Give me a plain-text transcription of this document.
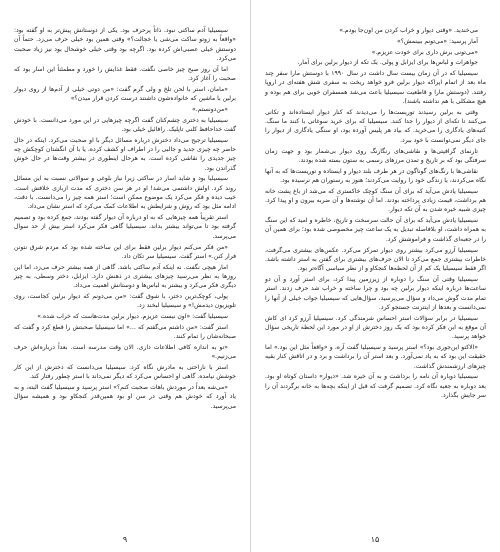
می‌خندید. «وقتی دیوار و خراب کردن من اون‌جا بودم.»

آمار پرسید: «می‌تونم ببینمش؟»

«می‌تونی برش داری برای خودت عزیزم.»

جواهرات و لباس‌ها برای ایزابل و پولی. یک تکه از دیوار برلین برای آمار.

سیسیلیا که در آن زمان بیست سال داشت در سال ۱۹۹۰ با دوستش مارا سفر چند ماه بعد از اتمام اپراکه دیوار برلین فرو خواهد ریخت به سفری شش هفته‌ای در اروپا رفتند. (دوستش مارا و قاطعیت سیسیلیا باعث می‌شد همسفران خوبی برای هم بوده و هیچ مشکلی با هم نداشته باشند).

وقتی به برلین رسیدند توریست‌ها را می‌دیدند که کنار دیوار ایستاده‌اند و تکانی می‌کنند تا تکه‌ای از دیوار را جدا کنند. سیسیلیا که برای خرید سوغاتی با کنند ما سنگ. کتیه‌های یادگاری را می‌خرید. که بیاد هر پلیس آورده بود، او سنگی یادگاری از دیوار را جای دیگر نمی‌توانست با خود ببرد.

تارنمای گرافیتی‌ها و نقاشی‌های رنگارنگ روی دیوار بی‌شمار بود و جهت زمان سرفتگی بود که بر تاریخ و تمدن مرزهای رسمی به ستون بسته شده بودند.

نقاشی‌ها با رنگ‌های گوناگون در هر طرف بلند دیوار و ایستاده و توریست‌ها که به آنها نگاه می‌کردند، یا زندگی خود را روایت می‌کردند؛ هنوز به رستوران هم نرسیده بود.

سیسیلیا یادش می‌آید که برای آن سنگ کوچک خاکستری که می‌شد از باغ پشت خانه هم برداشت، قیمت زیادی پرداخته بودند. اما آن نوشته‌ها و آن ضربه بیرون و او پیدا کرد. چیزی شبیه خیره شدن به آن تکه دیوار.

سیسیلیا یادش می‌آید که برای آن حالت سرسخت و تاریخ، خاطره و امید که این سنگ به همراه داشت، او بلافاصله تبدیل به یک ساعت چیز مخصوصی شده بود؛ برای همین آن را در جعبه‌ای گذاشت و فراموشش کرد.

سیسیلیا آرزو می‌کرد بیشتر روی دیوار تمرکز می‌کرد. عکس‌های بیشتری می‌گرفت، خاطرات بیشتری جمع می‌کرد تا الان حرف‌های بیشتری برای گفتن به استر داشته باشد. اگر فقط سیسیلیا یک کم از آن لحظه‌ها کنجکاو و از نظر سیاسی آگاه‌تر بود.

سیسیلیا وقتی آن سنگ را دوباره از زیرزمین پیدا کرد، برای استر آورد و آن دو ساعت‌ها درباره اینکه دیوار برلین چه بود و چرا ساخته و خراب شد حرف زدند. استر تمام مدت گوش می‌داد و سؤال می‌پرسید، سؤال‌هایی که سیسیلیا جواب خیلی از آنها را نمی‌دانست و بعدها از اینترنت جستجو کرد.

سیسیلیا در برابر سؤالات استر احساس شرمندگی کرد. سیسیلیا آرزو کرد ای کاش آن موقع به این فکر کرده بود که یک روز دخترش از او در مورد این لحظه تاریخی سؤال خواهد پرسید.

«الاکتو این‌جوری بود؟» استر پرسید و سیسیلیا گفت آره، و «واقعاً مثل این بود.» اما حقیقت این بود که به یاد نمی‌آورد. و بعد استر آن را برداشت و برد و در اتاقش کنار بقیه چیزهای ارزشمندش گذاشت.

سیسیلیا دوباره آن نامه را برداشت و به آن خیره شد. «دیوار» داستان کوتاه او بود. بعد دوباره به جعبه نگاه کرد. تصمیم گرفت که قبل از اینکه بچه‌ها به خانه برگردند آن را سر جایش بگذارد.

سیسیلیا آدم ساکتی نبود. ذاتاً پرحرف بود. یکی از دوستانش پیش‌تر به او گفته بود: «واقعاً به زوتو ساکت می‌شی یا خجالت؟» وقتی همین بود خیلی حرف می‌زد. حتماً آن دوستش خیلی عصبی‌اش کرده بود. اگرچه بود وقتی خیلی خوشحال بود نیز زیاد صحبت می‌کرد.

اما آن روز صبح چیز خاصی نگفت. فقط غذایش را خورد و مطمئناً این اسار بود که صحبت را آغاز کرد.

«مامان، استر با لحن تلخ و ولی گرم گفت: «من دوتی خیلی از آدم‌ها از روی دیوار برلین با ماشین که خانواده‌شون داشتند درست کردن قرار میدن؟»

«من‌دونستم.»

سیسیلیا به دختری چشم‌کنان گفت اگرچه چیزهایی در این مورد می‌دانست. با خودش گفت خداحافظ کلنی تاپلیک. رافائیل خیلی بود.

سیسیلیا ترجیح می‌داد دخترش درباره مسائل دیگر با او صحبت می‌کرد. اینکه در حال حاضر چه چیزی جدید و جالبی را در اطراف او کشف کرده، یا با آن انگشتان کوچکش چه چیز جدیدی را نقاشی کرده است. به هرحال اینطوری در بیشتر وقت‌ها در حال خوش گذراندن بود.

سیسیلیا بود و شاید اسار در ساکتی زیرا نیاز بلوغی و سوالاتی نسبت به این مسائل روند کرد. اولش داشتمی می‌شد! او در هر سن دختری که مدت ازبازی خلافش است. خیب دیده و فکر می‌کرد یک موضوع ممکن است؛ استر همه چیز را می‌دانست. با دقت، ادامه مثل بود که روش و شرایطش به اطلاعات کمک می‌کرد که استر نشان می‌داد.

استر تقریباً همه چیزهایی که به او درباره آن دیوار گفته بودند، جمع کرده بود و تصمیم گرفته بود تا می‌تواند بیشتر بداند. سیسیلیا گاهی فکر می‌کرد استر بیش از حد سوال می‌پرسد.

«من فکر می‌کنم دیوار برلین فقط برای این ساخته شده بود که مردم شرق نتونن فرار کنن.» استر گفت. سیسیلیا سر تکان داد.

امار هیچی نگفت. نه اینکه آدم ساکتی باشد. گاهی از همه بیشتر حرف می‌زد، اما این روزها به نظر می‌رسید چیزهای بیشتری در ذهنش دارد. ایزابل، دختر وسطی، به چیز دیگری فکر می‌کرد و بیشتر به لباس‌ها و دوستانش اهمیت می‌داد.

پولی، کوچک‌ترین دختر، با شوق گفت: «من می‌دونم که دیوار برلین کجاست، روی تلویزیون دیدمش!» و سیسیلیا لبخند زد.

سیسیلیا گفت: «اون نیست عزیزم. دیوار برلین مدت‌هاست که خراب شده.»

استر گفت: «من داشتم می‌گفتم که …» اما سیسیلیا صحبتش را قطع کرد و گفت که صبحانه‌شان را تمام کنند.

«تو به اندازه کافی اطلاعات داری. الان وقت مدرسه است. بعداً درباره‌اش حرف می‌زنیم.»

استر با ناراحتی به مادرش نگاه کرد. سیسیلیا می‌دانست که دخترش از این کار خوشش نیامده. گاهی او احساس می‌کرد که دیگر نمی‌داند با استر چطور رفتار کند.

«می‌شه بعداً در موردش باهات صحبت کنم؟» استر پرسید و سیسیلیا گفت البته، و به یاد آورد که خودش هم وقتی در سن او بود همین‌قدر کنجکاو بود و همیشه سؤال می‌پرسید.

۱۵
۹
